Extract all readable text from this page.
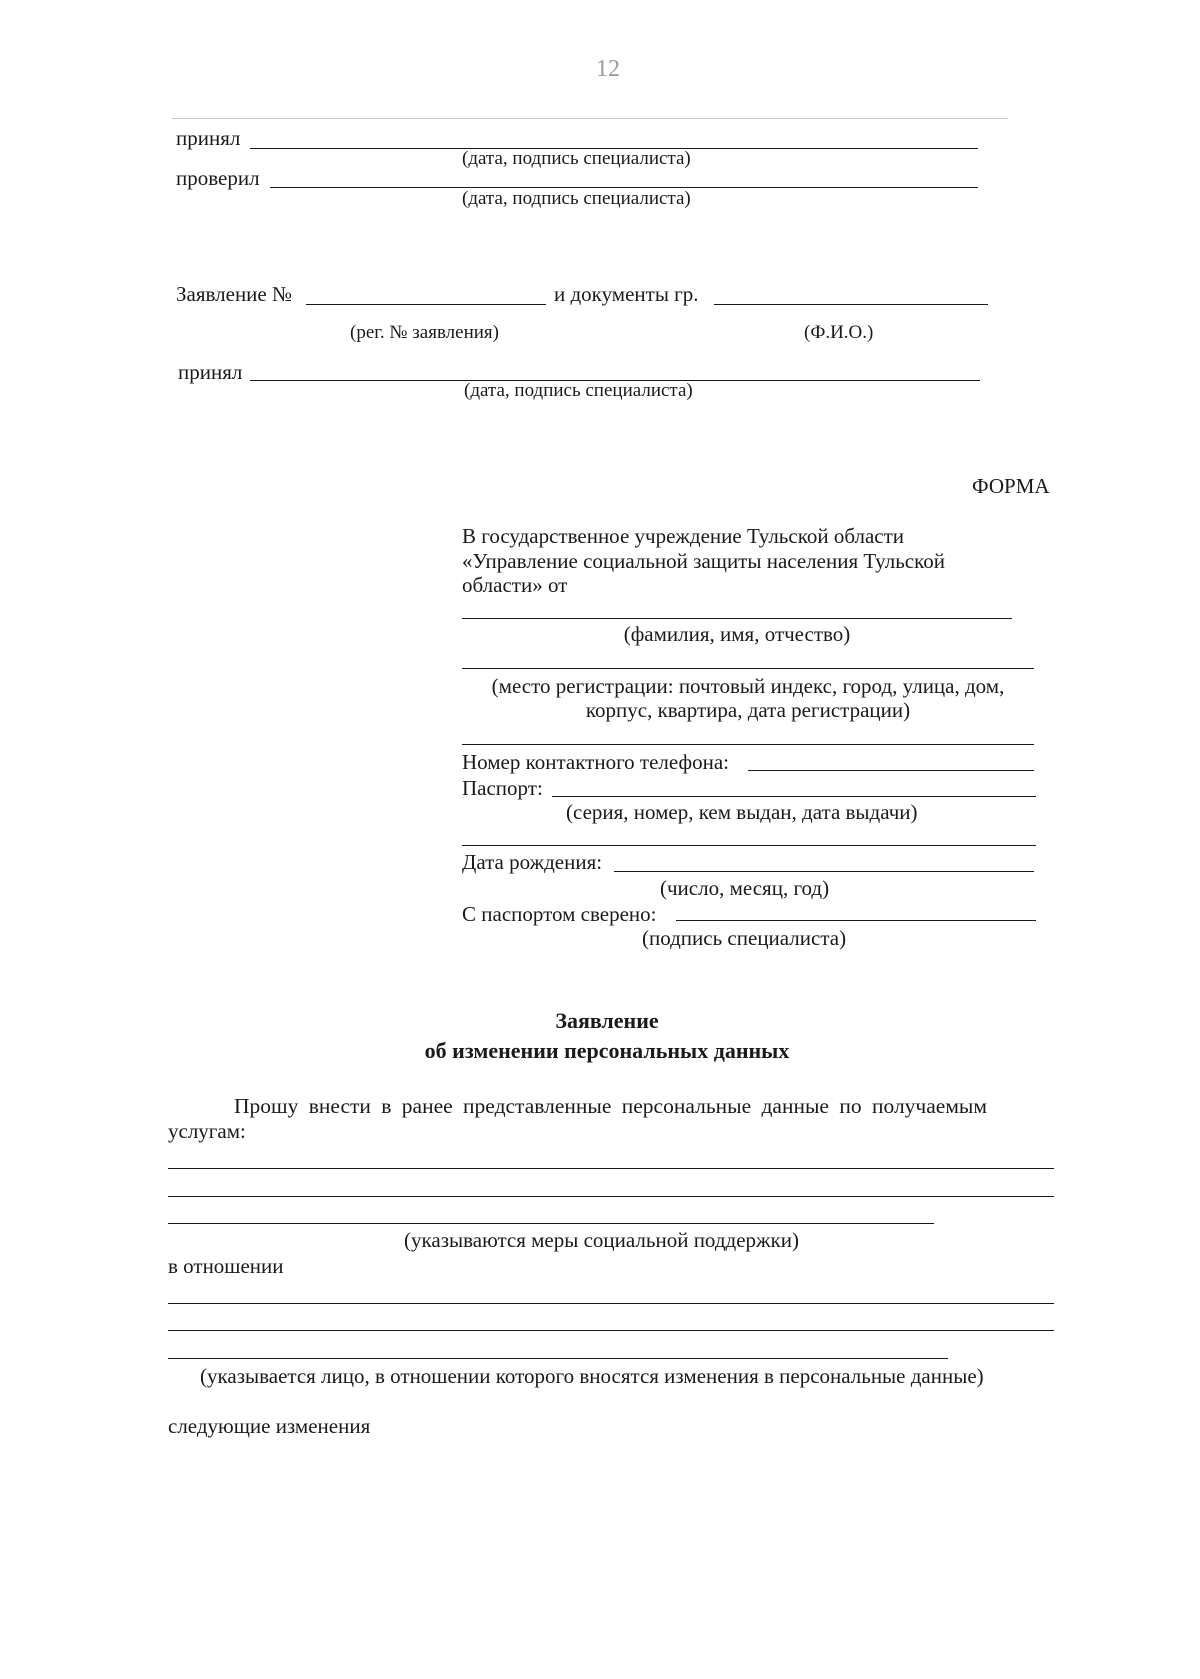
12
принял
(дата, подпись специалиста)
проверил
(дата, подпись специалиста)
Заявление №	и документы гр.
(рег. № заявления)	(Ф.И.О.)
принял
(дата, подпись специалиста)
ФОРМА
В государственное учреждение Тульской области
«Управление социальной защиты населения Тульской
области» от
(фамилия, имя, отчество)
(место регистрации: почтовый индекс, город, улица, дом,
корпус, квартира, дата регистрации)
Номер контактного телефона:
Паспорт:
(серия, номер, кем выдан, дата выдачи)
Дата рождения:
(число, месяц, год)
С паспортом сверено:
(подпись специалиста)
Заявление
об изменении персональных данных
Прошу внести в ранее представленные персональные данные по получаемым
услугам:
(указываются меры социальной поддержки)
в отношении
(указывается лицо, в отношении которого вносятся изменения в персональные данные)
следующие изменения
